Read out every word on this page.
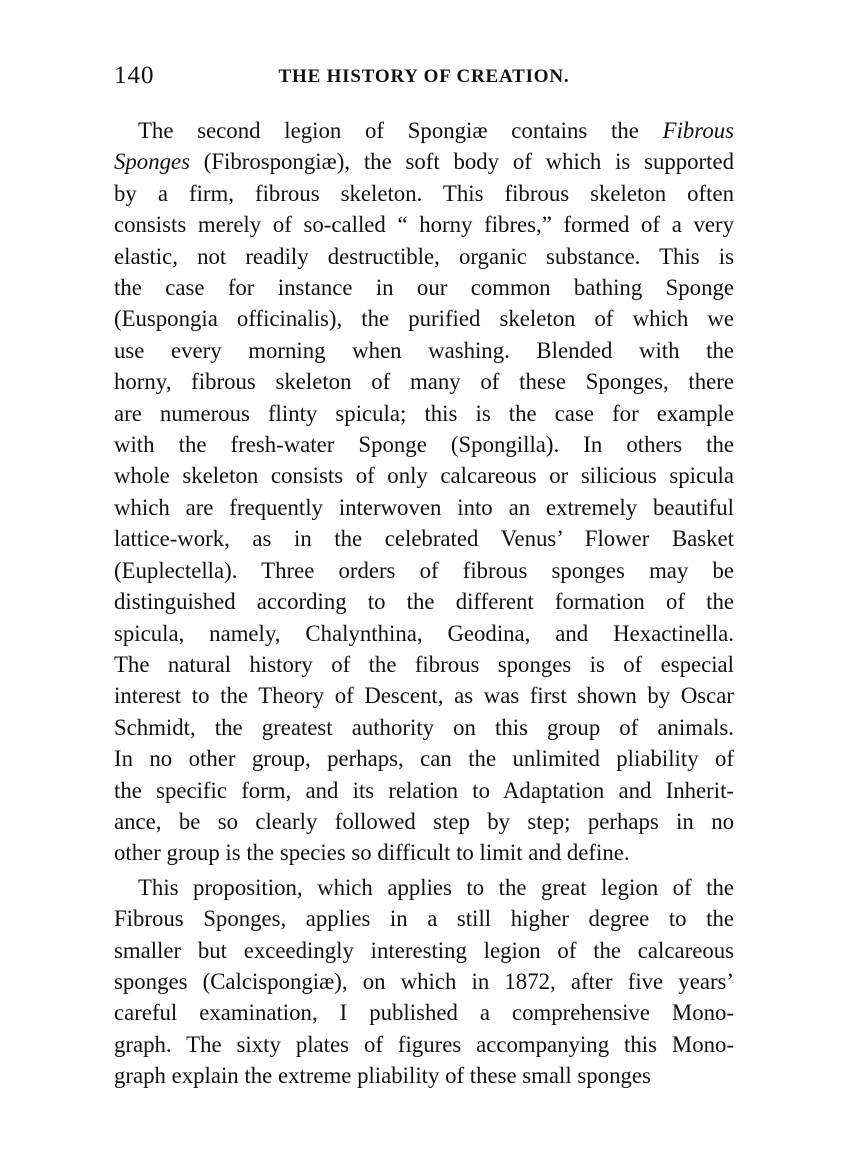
140	THE HISTORY OF CREATION.

The second legion of Spongiæ contains the Fibrous
Sponges (Fibrospongiæ), the soft body of which is supported
by a firm, fibrous skeleton. This fibrous skeleton often
consists merely of so-called “ horny fibres,” formed of a very
elastic, not readily destructible, organic substance. This is
the case for instance in our common bathing Sponge
(Euspongia officinalis), the purified skeleton of which we
use every morning when washing. Blended with the
horny, fibrous skeleton of many of these Sponges, there
are numerous flinty spicula; this is the case for example
with the fresh-water Sponge (Spongilla). In others the
whole skeleton consists of only calcareous or silicious spicula
which are frequently interwoven into an extremely beautiful
lattice-work, as in the celebrated Venus’ Flower Basket
(Euplectella). Three orders of fibrous sponges may be
distinguished according to the different formation of the
spicula, namely, Chalynthina, Geodina, and Hexactinella.
The natural history of the fibrous sponges is of especial
interest to the Theory of Descent, as was first shown by Oscar
Schmidt, the greatest authority on this group of animals.
In no other group, perhaps, can the unlimited pliability of
the specific form, and its relation to Adaptation and Inherit-
ance, be so clearly followed step by step; perhaps in no
other group is the species so difficult to limit and define.

This proposition, which applies to the great legion of the
Fibrous Sponges, applies in a still higher degree to the
smaller but exceedingly interesting legion of the calcareous
sponges (Calcispongiæ), on which in 1872, after five years’
careful examination, I published a comprehensive Mono-
graph. The sixty plates of figures accompanying this Mono-
graph explain the extreme pliability of these small sponges
